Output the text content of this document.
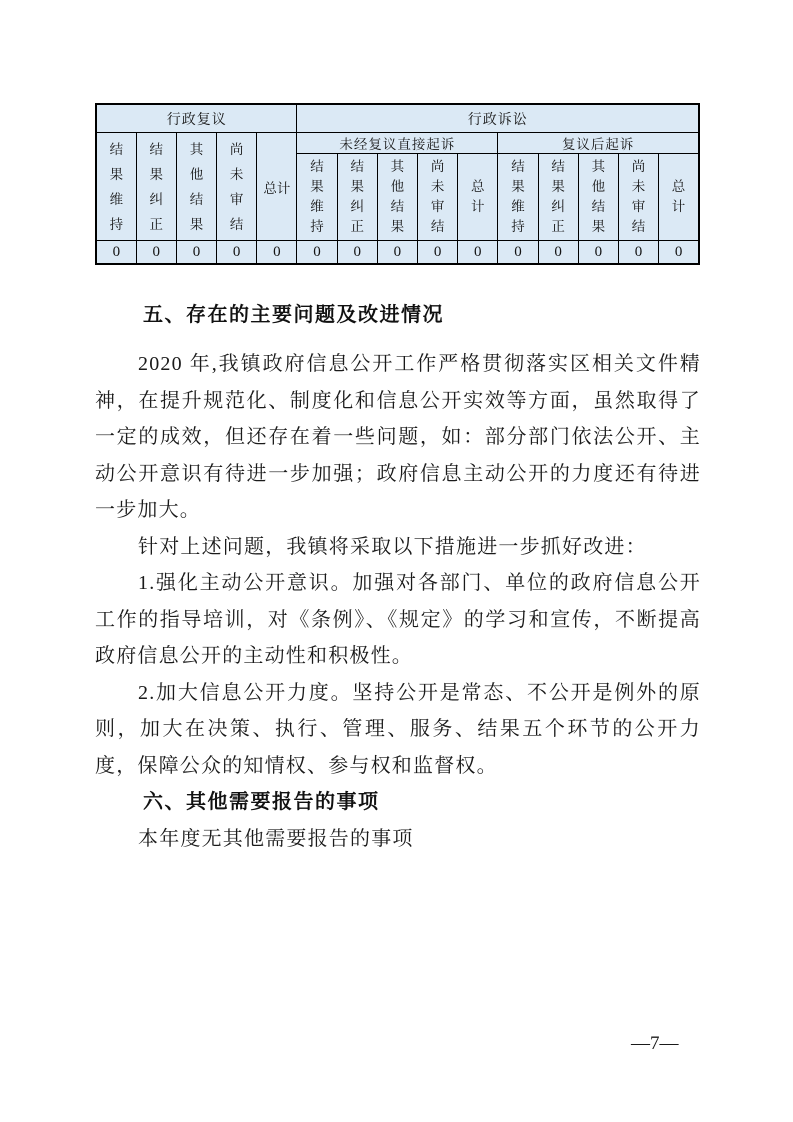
行政复议					行政诉讼									
结果维持	结果纠正	其他结果	尚未审结	总计	未经复议直接起诉					复议后起诉				
					结果维持	结果纠正	其他结果	尚未审结	总计	结果维持	结果纠正	其他结果	尚未审结	总计
0	0	0	0	0	0	0	0	0	0	0	0	0	0	0
五、存在的主要问题及改进情况

2020 年,我镇政府信息公开工作严格贯彻落实区相关文件精神，在提升规范化、制度化和信息公开实效等方面，虽然取得了一定的成效，但还存在着一些问题，如：部分部门依法公开、主动公开意识有待进一步加强；政府信息主动公开的力度还有待进一步加大。

针对上述问题，我镇将采取以下措施进一步抓好改进：

1.强化主动公开意识。加强对各部门、单位的政府信息公开工作的指导培训，对《条例》、《规定》的学习和宣传，不断提高政府信息公开的主动性和积极性。

2.加大信息公开力度。坚持公开是常态、不公开是例外的原则，加大在决策、执行、管理、服务、结果五个环节的公开力度，保障公众的知情权、参与权和监督权。

六、其他需要报告的事项

本年度无其他需要报告的事项

—7—
